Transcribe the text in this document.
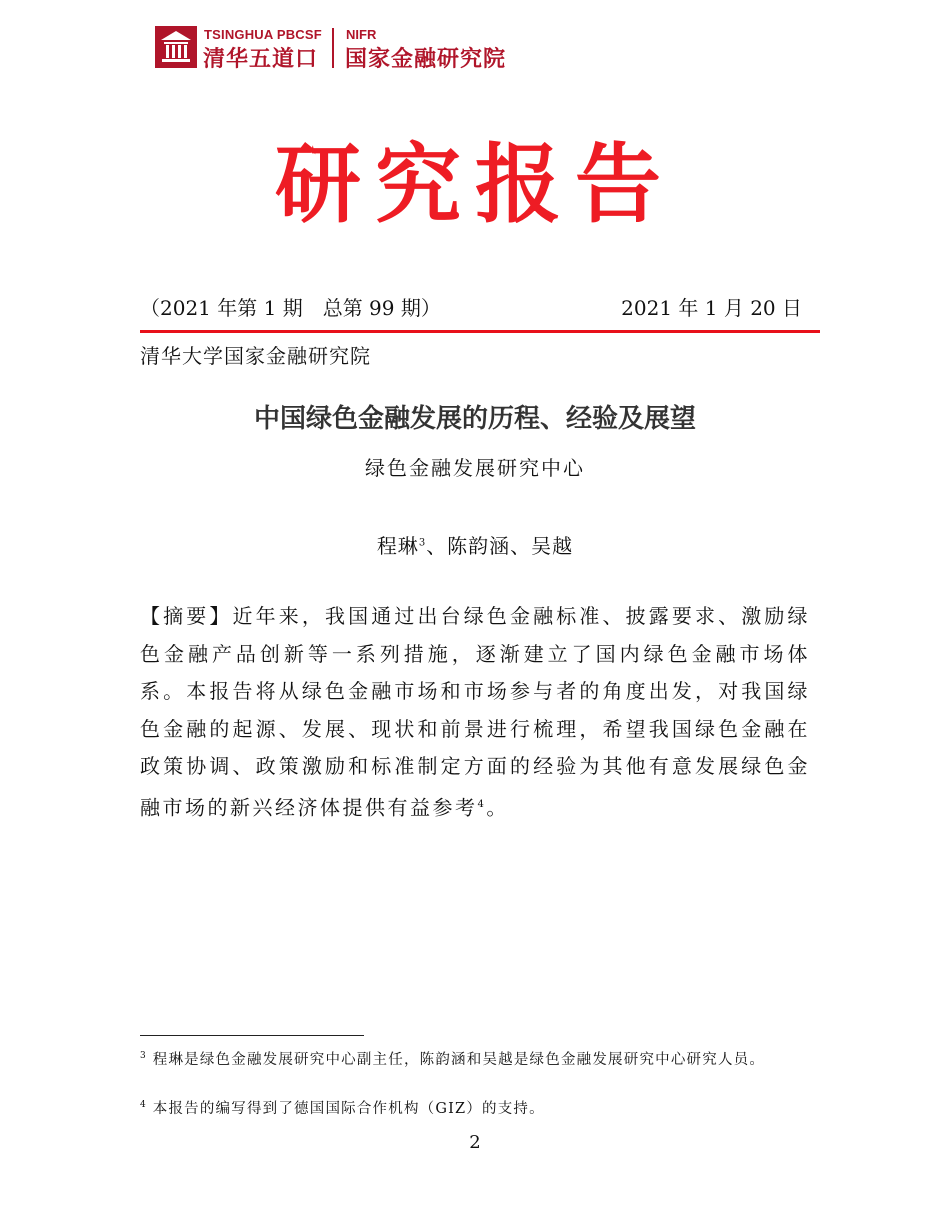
TSINGHUA PBCSF
清华五道口
NIFR
国家金融研究院
研究报告
（2021 年第 1 期　总第 99 期）	2021 年 1 月 20 日
清华大学国家金融研究院
中国绿色金融发展的历程、经验及展望
绿色金融发展研究中心
程琳$^3$、陈韵涵、吴越
【摘要】近年来，我国通过出台绿色金融标准、披露要求、激励绿色金融产品创新等一系列措施，逐渐建立了国内绿色金融市场体系。本报告将从绿色金融市场和市场参与者的角度出发，对我国绿色金融的起源、发展、现状和前景进行梳理，希望我国绿色金融在政策协调、政策激励和标准制定方面的经验为其他有意发展绿色金融市场的新兴经济体提供有益参考$^4$。
$^3$ 程琳是绿色金融发展研究中心副主任，陈韵涵和吴越是绿色金融发展研究中心研究人员。
$^4$ 本报告的编写得到了德国国际合作机构（GIZ）的支持。
2
